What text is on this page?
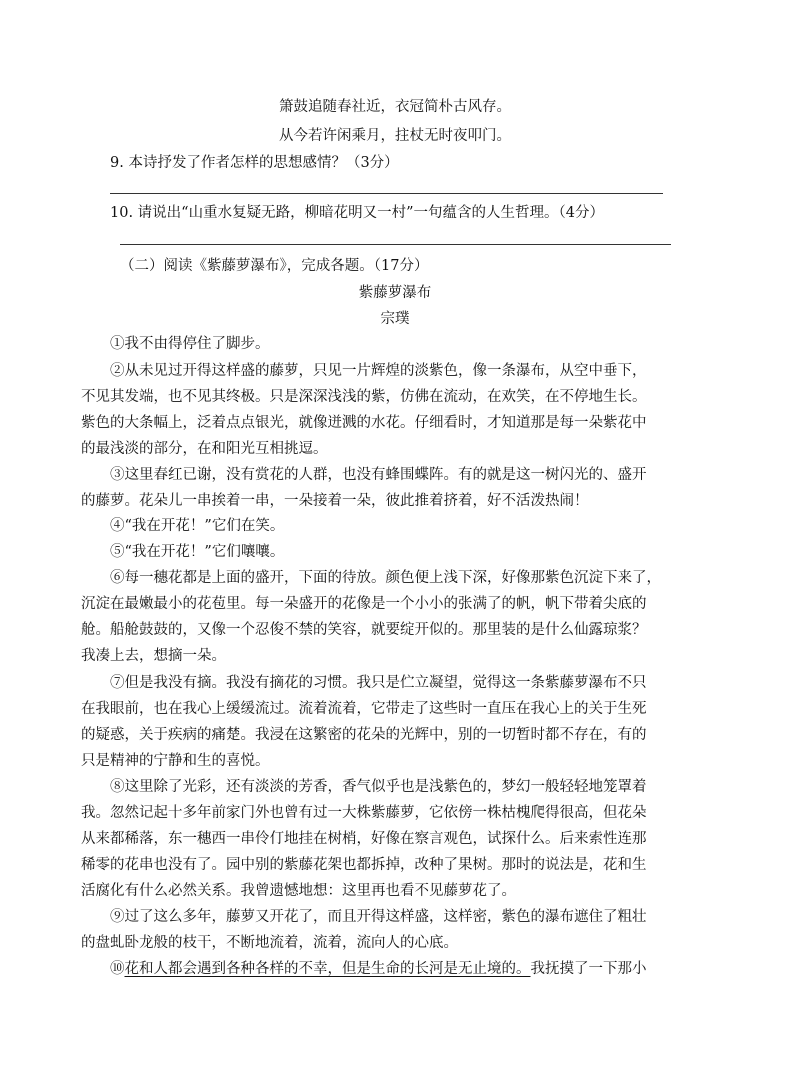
箫鼓追随春社近，衣冠简朴古风存。
从今若许闲乘月，拄杖无时夜叩门。
9. 本诗抒发了作者怎样的思想感情？（3分）
10. 请说出“山重水复疑无路，柳暗花明又一村”一句蕴含的人生哲理。（4分）
（二）阅读《紫藤萝瀑布》，完成各题。（17分）
紫藤萝瀑布
宗璞
①我不由得停住了脚步。
②从未见过开得这样盛的藤萝，只见一片辉煌的淡紫色，像一条瀑布，从空中垂下，
不见其发端，也不见其终极。只是深深浅浅的紫，仿佛在流动，在欢笑，在不停地生长。
紫色的大条幅上，泛着点点银光，就像迸溅的水花。仔细看时，才知道那是每一朵紫花中
的最浅淡的部分，在和阳光互相挑逗。
③这里春红已谢，没有赏花的人群，也没有蜂围蝶阵。有的就是这一树闪光的、盛开
的藤萝。花朵儿一串挨着一串，一朵接着一朵，彼此推着挤着，好不活泼热闹！
④“我在开花！”它们在笑。
⑤“我在开花！”它们嚷嚷。
⑥每一穗花都是上面的盛开，下面的待放。颜色便上浅下深，好像那紫色沉淀下来了，
沉淀在最嫩最小的花苞里。每一朵盛开的花像是一个小小的张满了的帆，帆下带着尖底的
舱。船舱鼓鼓的，又像一个忍俊不禁的笑容，就要绽开似的。那里装的是什么仙露琼浆？
我凑上去，想摘一朵。
⑦但是我没有摘。我没有摘花的习惯。我只是伫立凝望，觉得这一条紫藤萝瀑布不只
在我眼前，也在我心上缓缓流过。流着流着，它带走了这些时一直压在我心上的关于生死
的疑惑，关于疾病的痛楚。我浸在这繁密的花朵的光辉中，别的一切暂时都不存在，有的
只是精神的宁静和生的喜悦。
⑧这里除了光彩，还有淡淡的芳香，香气似乎也是浅紫色的，梦幻一般轻轻地笼罩着
我。忽然记起十多年前家门外也曾有过一大株紫藤萝，它依傍一株枯槐爬得很高，但花朵
从来都稀落，东一穗西一串伶仃地挂在树梢，好像在察言观色，试探什么。后来索性连那
稀零的花串也没有了。园中别的紫藤花架也都拆掉，改种了果树。那时的说法是，花和生
活腐化有什么必然关系。我曾遗憾地想：这里再也看不见藤萝花了。
⑨过了这么多年，藤萝又开花了，而且开得这样盛，这样密，紫色的瀑布遮住了粗壮
的盘虬卧龙般的枝干，不断地流着，流着，流向人的心底。
⑩花和人都会遇到各种各样的不幸，但是生命的长河是无止境的。我抚摸了一下那小
